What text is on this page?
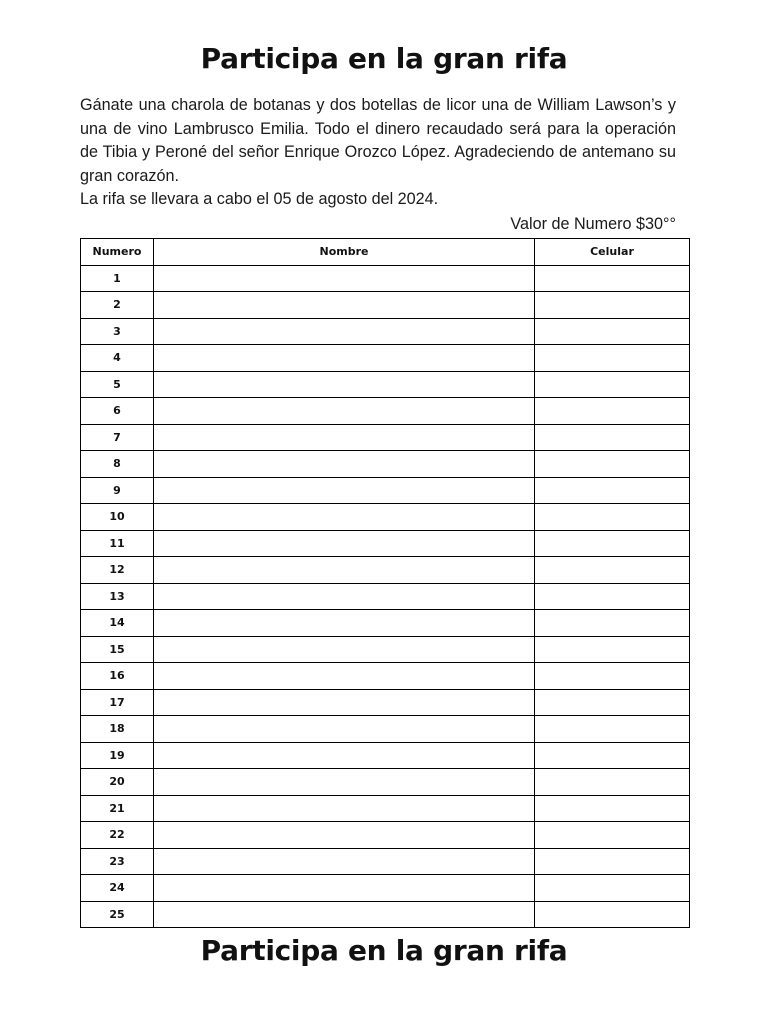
Participa en la gran rifa

Gánate una charola de botanas y dos botellas de licor una de William Lawson’s y una de vino Lambrusco Emilia. Todo el dinero recaudado será para la operación de Tibia y Peroné del señor Enrique Orozco López. Agradeciendo de antemano su gran corazón.

La rifa se llevara a cabo el 05 de agosto del 2024.

Valor de Numero $30°°
Numero	Nombre	Celular
1		
2		
3		
4		
5		
6		
7		
8		
9		
10		
11		
12		
13		
14		
15		
16		
17		
18		
19		
20		
21		
22		
23		
24		
25		
Participa en la gran rifa
